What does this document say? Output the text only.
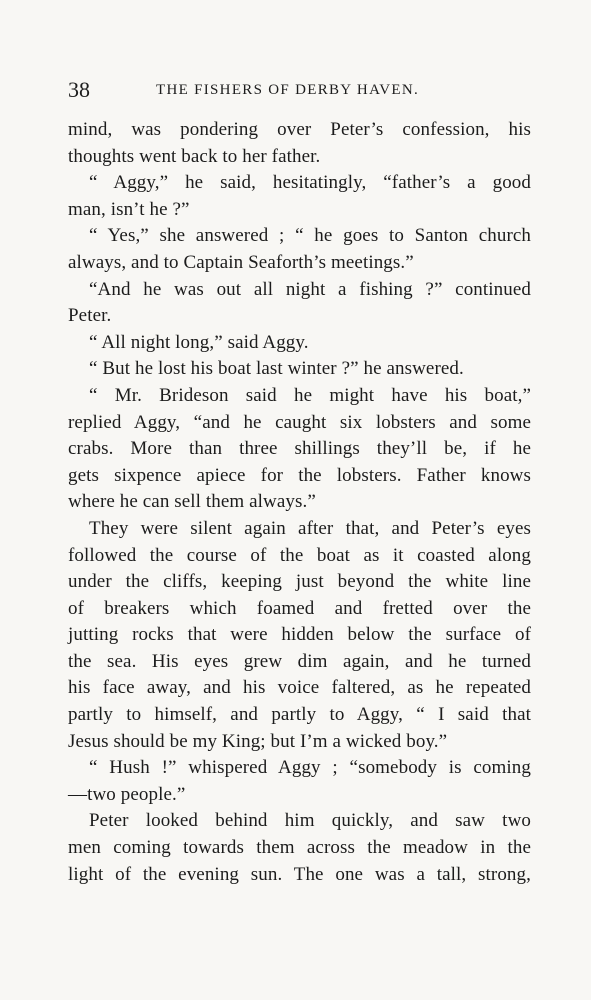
38	THE FISHERS OF DERBY HAVEN.
mind, was pondering over Peter’s confession, his
thoughts went back to her father.
“ Aggy,” he said, hesitatingly, “father’s a good
man, isn’t he ?”
“ Yes,” she answered ; “ he goes to Santon church
always, and to Captain Seaforth’s meetings.”
“And he was out all night a fishing ?” continued
Peter.
“ All night long,” said Aggy.
“ But he lost his boat last winter ?” he answered.
“ Mr. Brideson said he might have his boat,”
replied Aggy, “and he caught six lobsters and some
crabs. More than three shillings they’ll be, if he
gets sixpence apiece for the lobsters. Father knows
where he can sell them always.”
They were silent again after that, and Peter’s eyes
followed the course of the boat as it coasted along
under the cliffs, keeping just beyond the white line
of breakers which foamed and fretted over the
jutting rocks that were hidden below the surface of
the sea. His eyes grew dim again, and he turned
his face away, and his voice faltered, as he repeated
partly to himself, and partly to Aggy, “ I said that
Jesus should be my King; but I’m a wicked boy.”
“ Hush !” whispered Aggy ; “somebody is coming
—two people.”
Peter looked behind him quickly, and saw two
men coming towards them across the meadow in the
light of the evening sun. The one was a tall, strong,
